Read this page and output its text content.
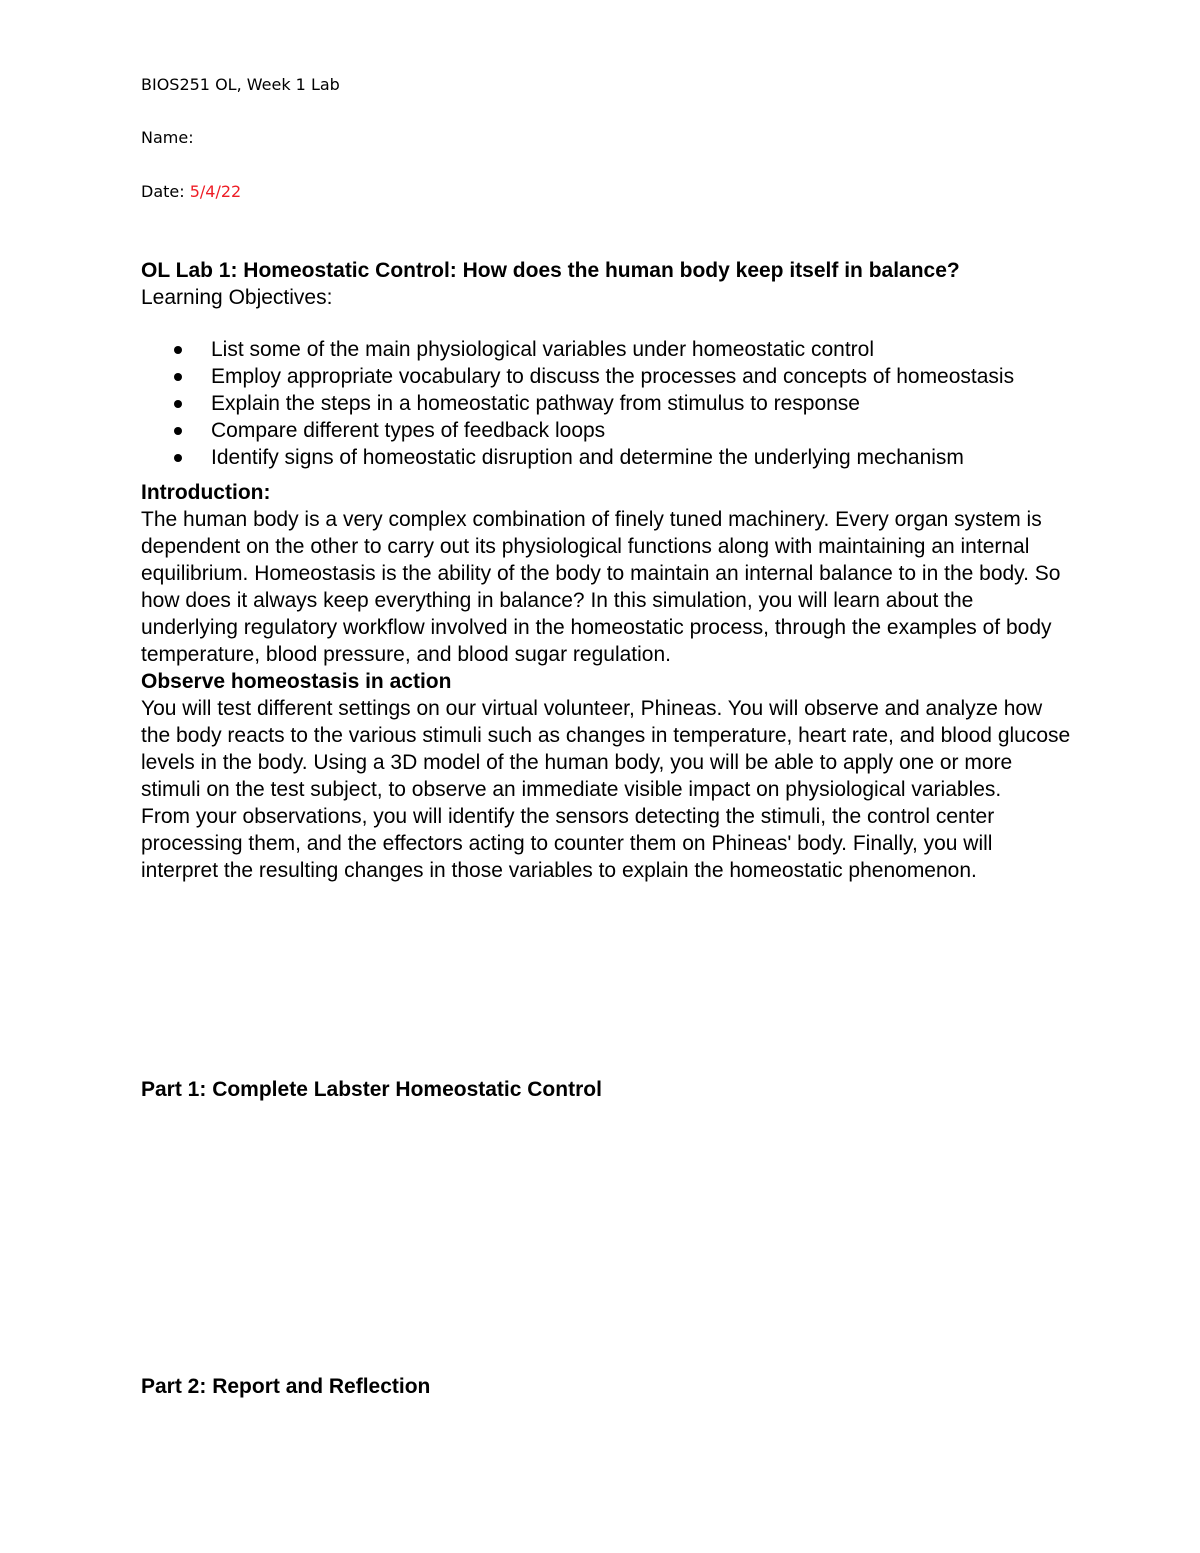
BIOS251 OL, Week 1 Lab

Name:

Date: 5/4/22

OL Lab 1: Homeostatic Control: How does the human body keep itself in balance?

Learning Objectives:

List some of the main physiological variables under homeostatic control
Employ appropriate vocabulary to discuss the processes and concepts of homeostasis
Explain the steps in a homeostatic pathway from stimulus to response
Compare different types of feedback loops
Identify signs of homeostatic disruption and determine the underlying mechanism

Introduction:

The human body is a very complex combination of finely tuned machinery. Every organ system is dependent on the other to carry out its physiological functions along with maintaining an internal equilibrium. Homeostasis is the ability of the body to maintain an internal balance to in the body. So how does it always keep everything in balance? In this simulation, you will learn about the underlying regulatory workflow involved in the homeostatic process, through the examples of body temperature, blood pressure, and blood sugar regulation.

Observe homeostasis in action

You will test different settings on our virtual volunteer, Phineas. You will observe and analyze how the body reacts to the various stimuli such as changes in temperature, heart rate, and blood glucose levels in the body. Using a 3D model of the human body, you will be able to apply one or more stimuli on the test subject, to observe an immediate visible impact on physiological variables.

From your observations, you will identify the sensors detecting the stimuli, the control center processing them, and the effectors acting to counter them on Phineas' body. Finally, you will interpret the resulting changes in those variables to explain the homeostatic phenomenon.

Part 1: Complete Labster Homeostatic Control

Part 2: Report and Reflection
